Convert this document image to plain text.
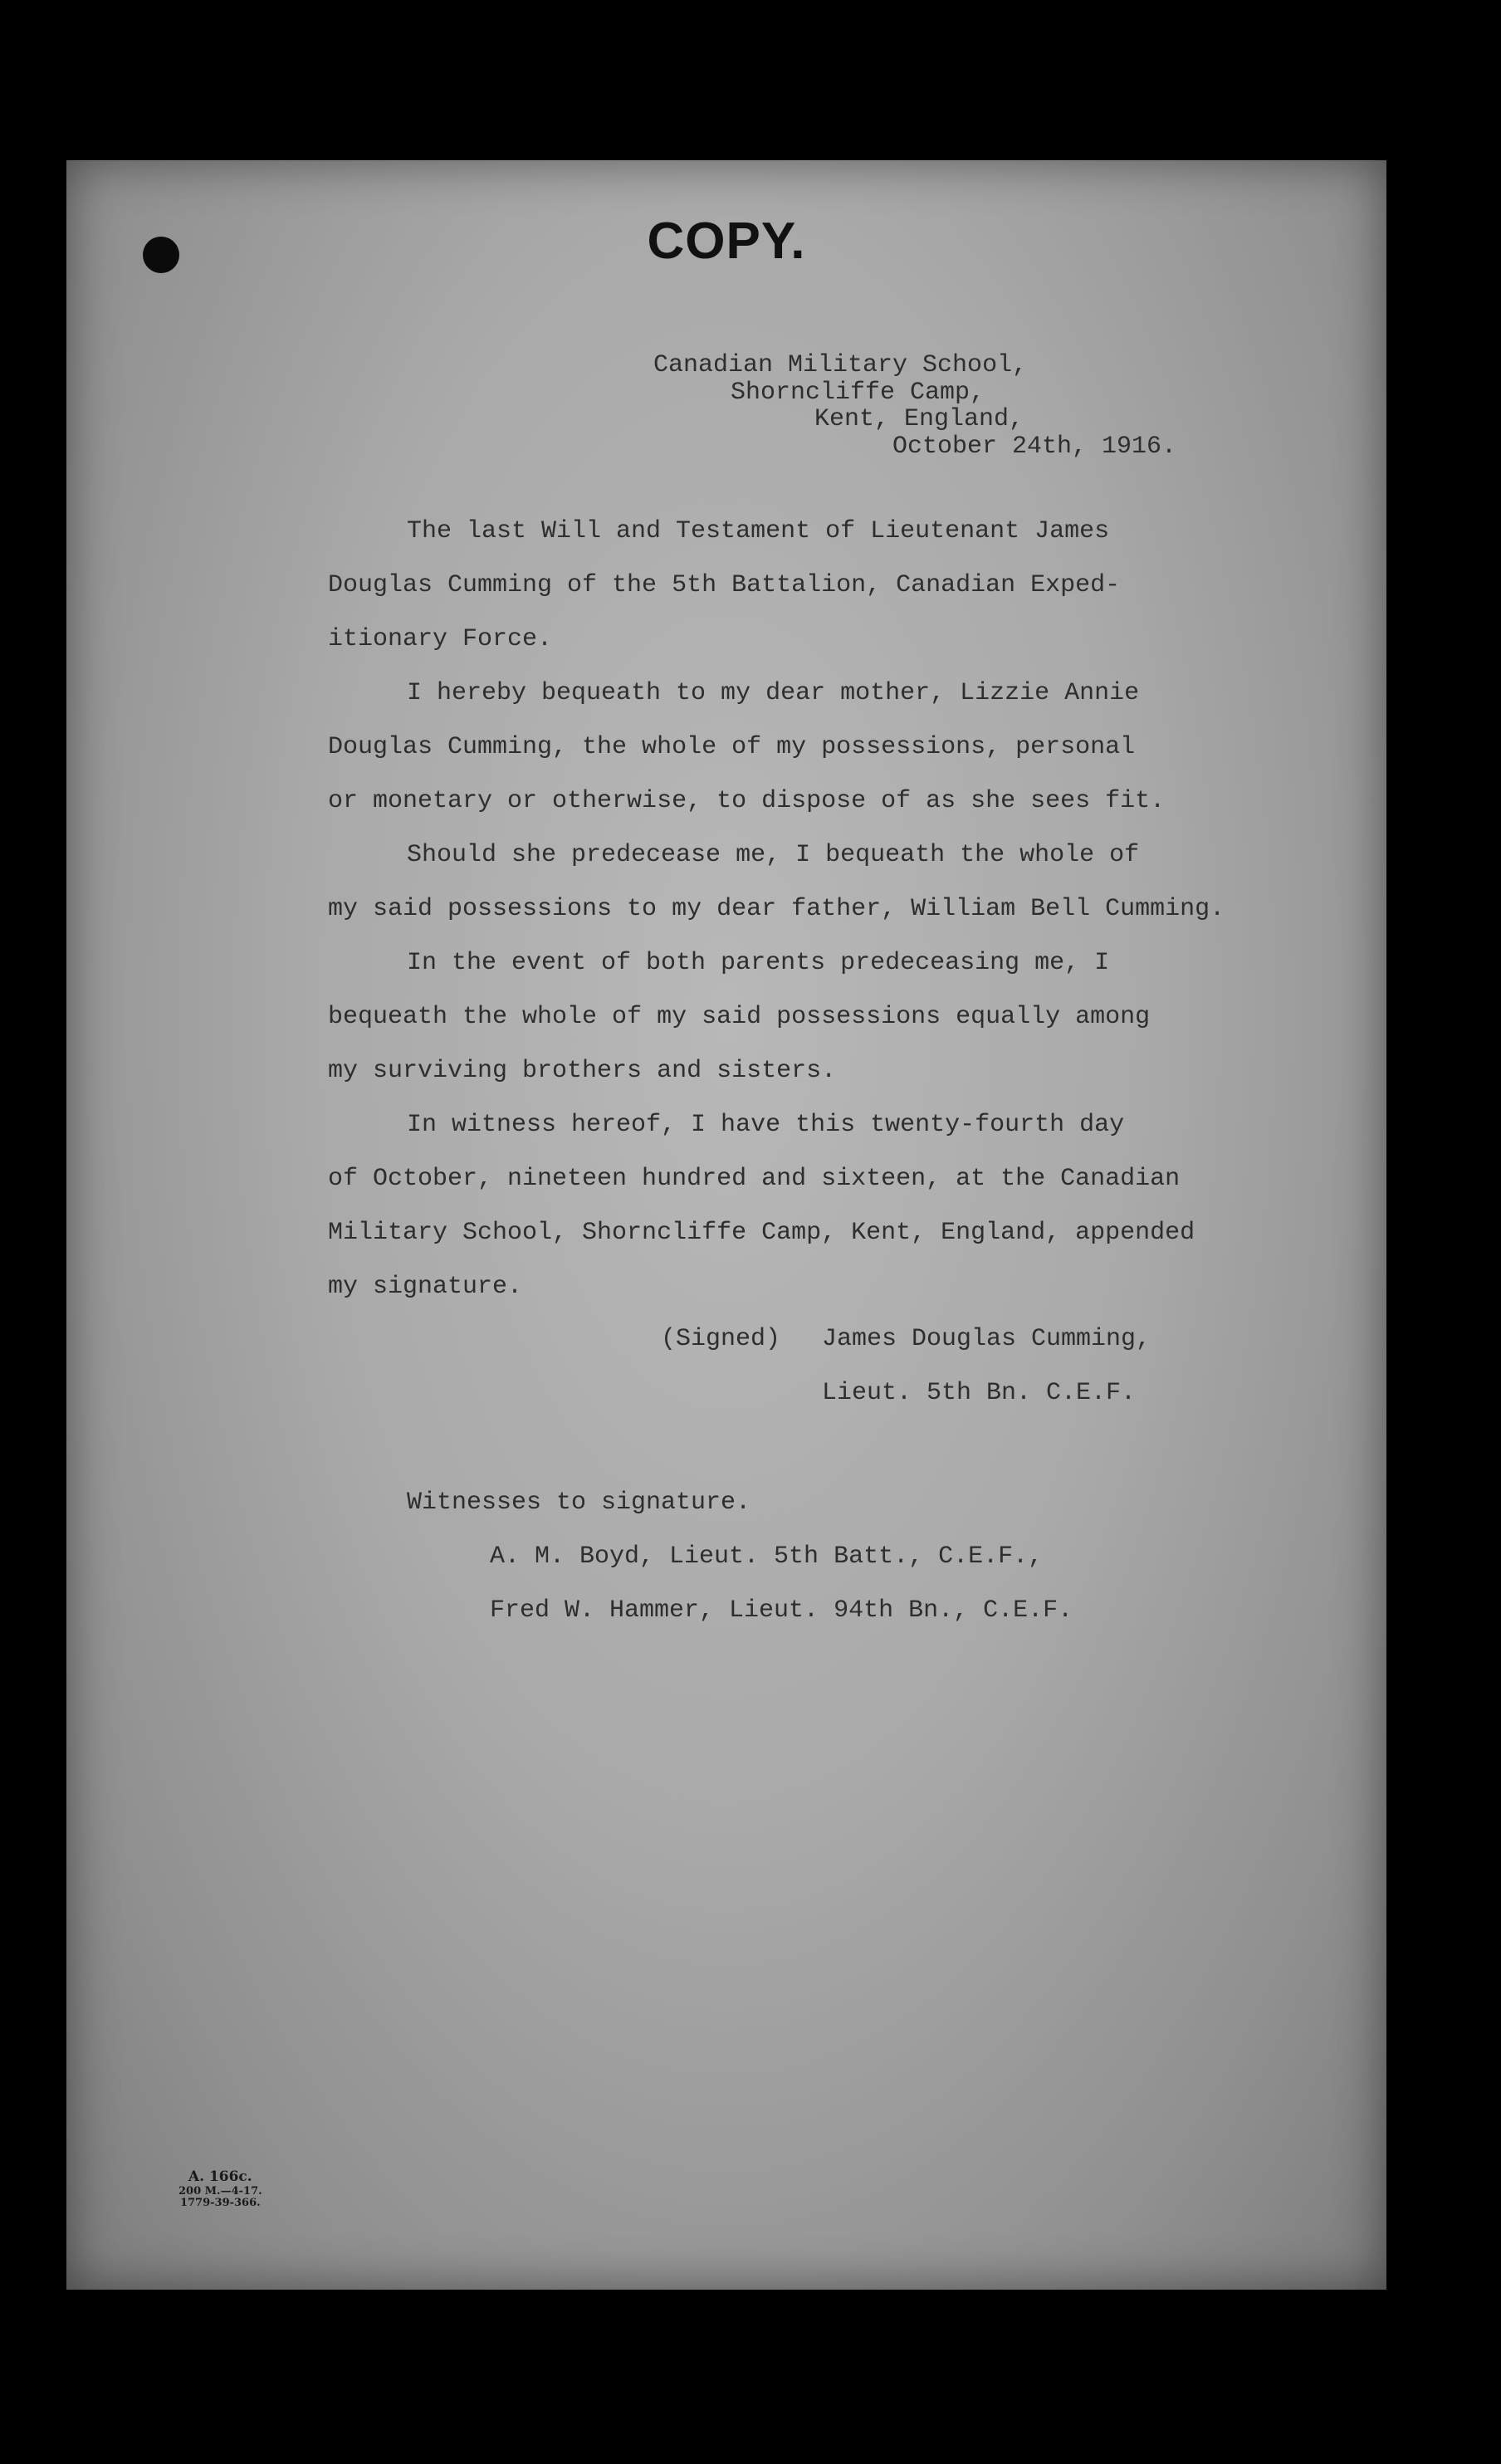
COPY.
Canadian Military School,
Shorncliffe Camp,
Kent, England,
October 24th, 1916.
The last Will and Testament of Lieutenant James
Douglas Cumming of the 5th Battalion, Canadian Exped-
itionary Force.
I hereby bequeath to my dear mother, Lizzie Annie
Douglas Cumming, the whole of my possessions, personal
or monetary or otherwise, to dispose of as she sees fit.
Should she predecease me, I bequeath the whole of
my said possessions to my dear father, William Bell Cumming.
In the event of both parents predeceasing me, I
bequeath the whole of my said possessions equally among
my surviving brothers and sisters.
In witness hereof, I have this twenty-fourth day
of October, nineteen hundred and sixteen, at the Canadian
Military School, Shorncliffe Camp, Kent, England, appended
my signature.
(Signed) James Douglas Cumming,
Lieut. 5th Bn. C.E.F.
Witnesses to signature.
A. M. Boyd, Lieut. 5th Batt., C.E.F.,
Fred W. Hammer, Lieut. 94th Bn., C.E.F.
A. 166c.
200 M.—4-17.
1779-39-366.
